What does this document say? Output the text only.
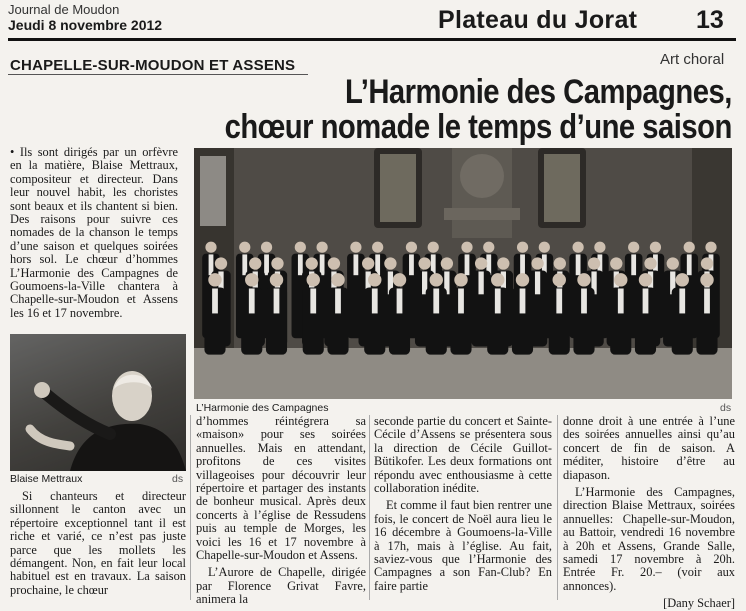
Journal de Moudon
Jeudi 8 novembre 2012	Plateau du Jorat 13
CHAPELLE-SUR-MOUDON ET ASSENS	Art choral
L’Harmonie des Campagnes,
chœur nomade le temps d’une saison

• Ils sont dirigés par un orfèvre en la matière, Blaise Mettraux, compositeur et directeur. Dans leur nouvel habit, les choristes sont beaux et ils chantent si bien. Des raisons pour suivre ces nomades de la chanson le temps d’une saison et quelques soirées hors sol. Le chœur d’hommes L’Harmonie des Campagnes de Goumoens-la-Ville chantera à Chapelle-sur-Moudon et Assens les 16 et 17 novembre.

Blaise Mettraux	ds
L’Harmonie des Campagnes	ds

Si chanteurs et directeur sillonnent le canton avec un répertoire exceptionnel tant il est riche et varié, ce n’est pas juste parce que les mollets les démangent. Non, en fait leur local habituel est en travaux. La saison prochaine, le chœur

d’hommes réintégrera sa «maison» pour ses soirées annuelles. Mais en attendant, profitons de ces visites villageoises pour découvrir leur répertoire et partager des instants de bonheur musical. Après deux concerts à l’église de Ressudens puis au temple de Morges, les voici les 16 et 17 novembre à Chapelle-sur-Moudon et Assens.

L’Aurore de Chapelle, dirigée par Florence Grivat Favre, animera la

seconde partie du concert et Sainte-Cécile d’Assens se présentera sous la direction de Cécile Guillot-Bütikofer. Les deux formations ont répondu avec enthousiasme à cette collaboration inédite.

Et comme il faut bien rentrer une fois, le concert de Noël aura lieu le 16 décembre à Goumoens-la-Ville à 17h, mais à l’église. Au fait, saviez-vous que l’Harmonie des Campagnes a son Fan-Club? En faire partie

donne droit à une entrée à l’une des soirées annuelles ainsi qu’au concert de fin de saison. A méditer, histoire d’être au diapason.

L’Harmonie des Campagnes, direction Blaise Mettraux, soirées annuelles: Chapelle-sur-Moudon, au Battoir, vendredi 16 novembre à 20h et Assens, Grande Salle, samedi 17 novembre à 20h. Entrée Fr. 20.– (voir aux annonces).

[Dany Schaer]
